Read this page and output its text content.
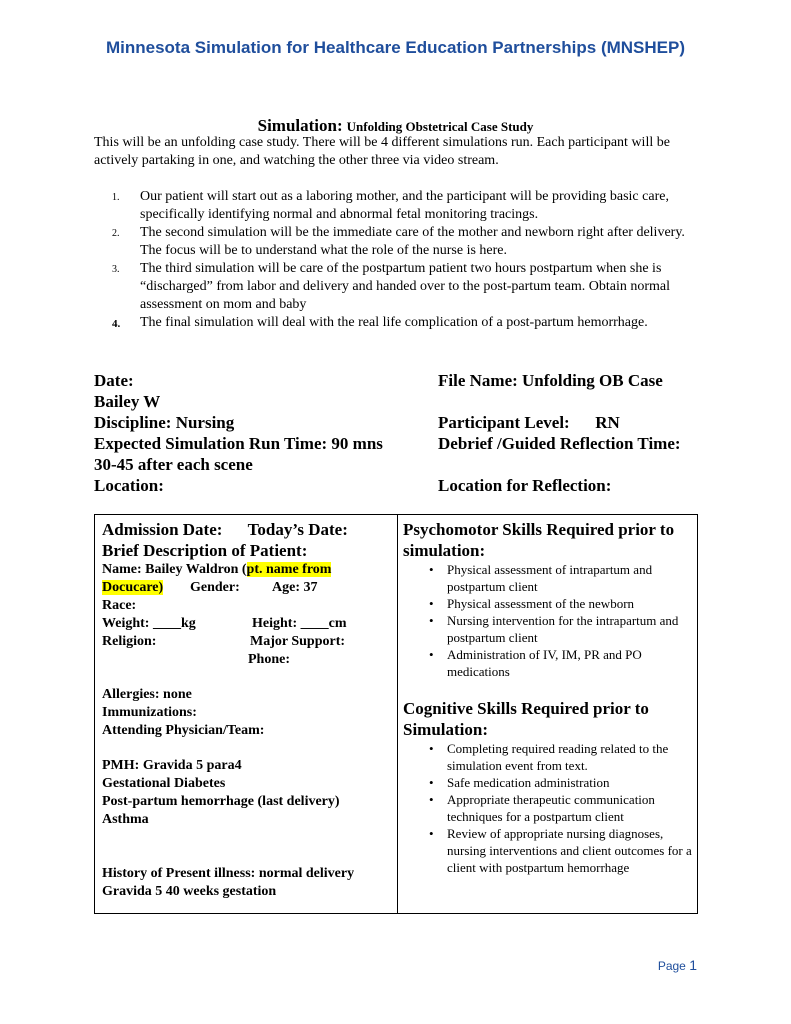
Minnesota Simulation for Healthcare Education Partnerships (MNSHEP)
Simulation: Unfolding Obstetrical Case Study
This will be an unfolding case study. There will be 4 different simulations run. Each participant will be actively partaking in one, and watching the other three via video stream.
1. Our patient will start out as a laboring mother, and the participant will be providing basic care, specifically identifying normal and abnormal fetal monitoring tracings.
2. The second simulation will be the immediate care of the mother and newborn right after delivery. The focus will be to understand what the role of the nurse is here.
3. The third simulation will be care of the postpartum patient two hours postpartum when she is “discharged” from labor and delivery and handed over to the post-partum team. Obtain normal assessment on mom and baby
4. The final simulation will deal with the real life complication of a post-partum hemorrhage.
Date:
Bailey W
Discipline: Nursing
Expected Simulation Run Time: 90 mns
30-45 after each scene
Location:
File Name: Unfolding OB Case
Participant Level:      RN
Debrief /Guided Reflection Time:
Location for Reflection:
Admission Date:      Today’s Date:
Brief Description of Patient:
Name: Bailey Waldron (pt. name from
Docucare) Gender: Age: 37
Race:
Weight: ____kg	Height: ____cm
Religion:	Major Support:
Phone:
Allergies: none
Immunizations:
Attending Physician/Team:
PMH: Gravida 5 para4
Gestational Diabetes
Post-partum hemorrhage (last delivery)
Asthma
History of Present illness: normal delivery
Gravida 5 40 weeks gestation
Psychomotor Skills Required prior to simulation:
• Physical assessment of intrapartum and postpartum client
• Physical assessment of the newborn
• Nursing intervention for the intrapartum and postpartum client
• Administration of IV, IM, PR and PO medications
Cognitive Skills Required prior to Simulation:
• Completing required reading related to the simulation event from text.
• Safe medication administration
• Appropriate therapeutic communication techniques for a postpartum client
• Review of appropriate nursing diagnoses, nursing interventions and client outcomes for a client with postpartum hemorrhage
Page 1
